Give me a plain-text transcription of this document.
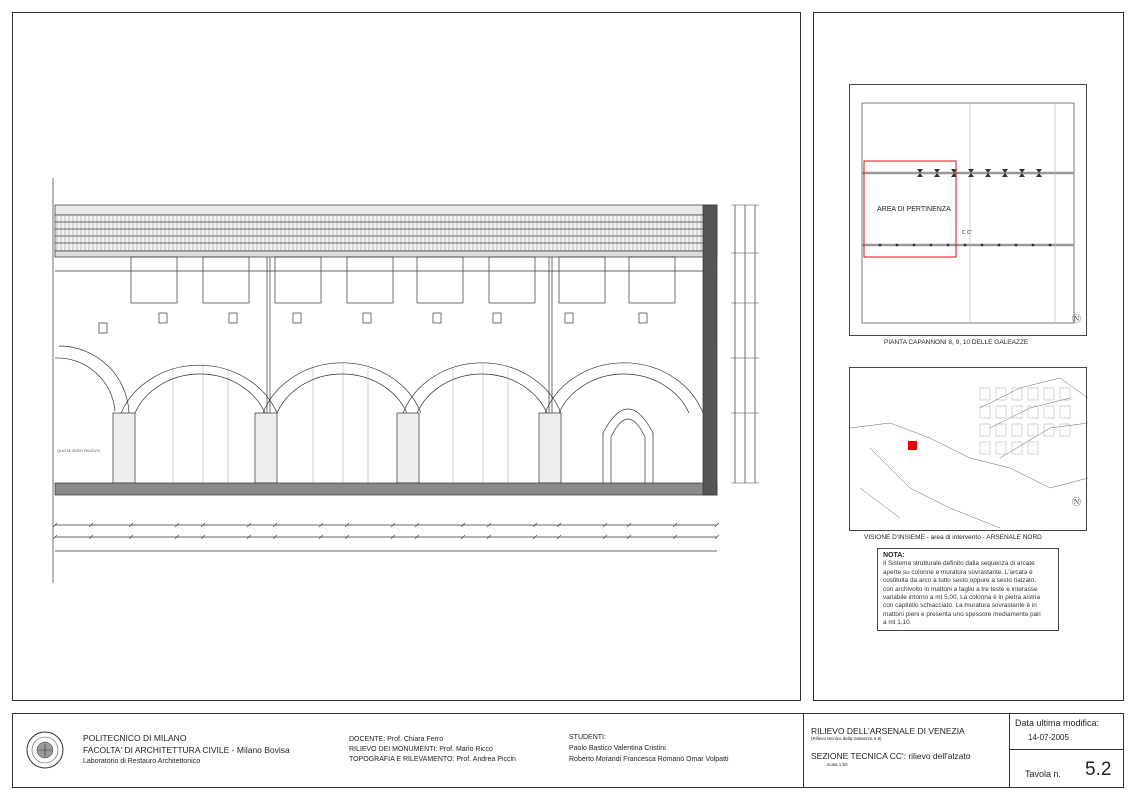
QUOTA ZERO RILIEVO
ARCO LATERALE ATTUALE POSTO
AREA DI PERTINENZA
C C'
Ⓝ
PIANTA CAPANNONI 8, 9, 10 DELLE GALEAZZE
Ⓝ
VISIONE D'INSIEME - area di intervento - ARSENALE NORD
NOTA:
Il Sistema strutturale definito dalla sequenza di arcate
aperte su colonne e muratura sovrastante. L'arcata è
costituita da arco a tutto sesto oppure a sesto rialzato,
con archivolto in mattoni a taglio a tre teste e interasse
variabile intorno a mt 5,00. La colonna è in pietra aistria
con capitello schiacciato. La muratura sovrastante è in
mattoni pieni e presenta uno spessore mediamente pari
a mt 1,10.
POLITECNICO DI MILANO
FACOLTA' DI ARCHITETTURA CIVILE - Milano Bovisa
Laboratorio di Restauro Architettonico
DOCENTE: Prof. Chiara Ferro
RILIEVO DEI MONUMENTI: Prof. Mario Ricco
TOPOGRAFIA E RILEVAMENTO: Prof. Andrea Piccin
STUDENTI:
Paolo Bastico Valentina Cristini
Roberto Morandi Francesca Romanò Omar Volpatti
RILIEVO DELL'ARSENALE DI VENEZIA
(Rilievo tecnico della Galeazza n.9)
SEZIONE TECNICA CC': rilievo dell'alzato
scala 1:50
Data ultima modifica:
14-07-2005
Tavola n. 5.2
